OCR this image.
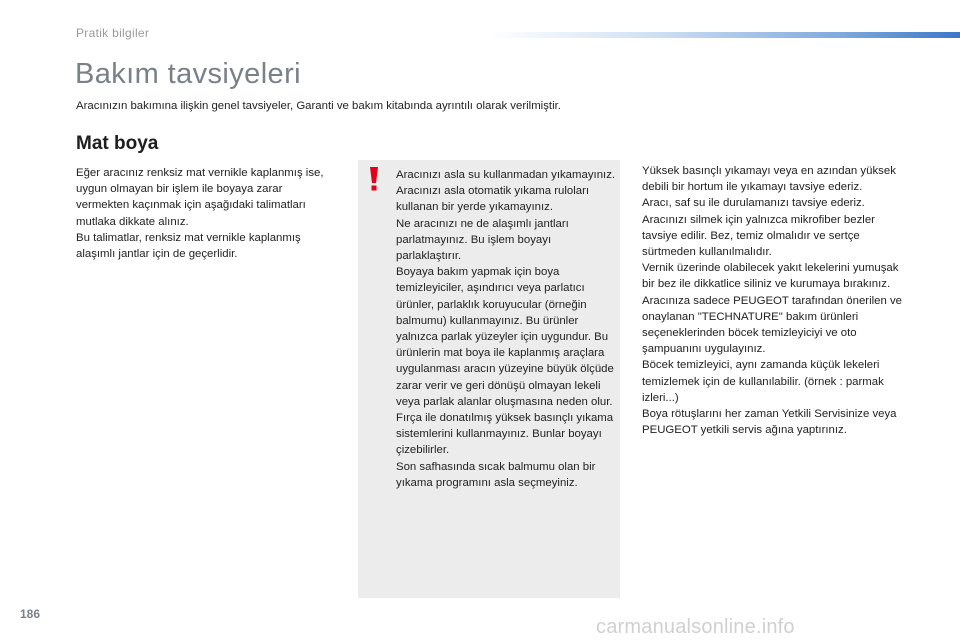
Pratik bilgiler
Bakım tavsiyeleri
Aracınızın bakımına ilişkin genel tavsiyeler, Garanti ve bakım kitabında ayrıntılı olarak verilmiştir.
Mat boya
Eğer aracınız renksiz mat vernikle kaplanmış ise, uygun olmayan bir işlem ile boyaya zarar vermekten kaçınmak için aşağıdaki talimatları mutlaka dikkate alınız.
Bu talimatlar, renksiz mat vernikle kaplanmış alaşımlı jantlar için de geçerlidir.
Aracınızı asla su kullanmadan yıkamayınız.
Aracınızı asla otomatik yıkama ruloları kullanan bir yerde yıkamayınız.
Ne aracınızı ne de alaşımlı jantları parlatmayınız. Bu işlem boyayı parlaklaştırır.
Boyaya bakım yapmak için boya temizleyiciler, aşındırıcı veya parlatıcı ürünler, parlaklık koruyucular (örneğin balmumu) kullanmayınız. Bu ürünler yalnızca parlak yüzeyler için uygundur. Bu ürünlerin mat boya ile kaplanmış araçlara uygulanması aracın yüzeyine büyük ölçüde zarar verir ve geri dönüşü olmayan lekeli veya parlak alanlar oluşmasına neden olur.
Fırça ile donatılmış yüksek basınçlı yıkama sistemlerini kullanmayınız. Bunlar boyayı çizebilirler.
Son safhasında sıcak balmumu olan bir yıkama programını asla seçmeyiniz.
Yüksek basınçlı yıkamayı veya en azından yüksek debili bir hortum ile yıkamayı tavsiye ederiz.
Aracı, saf su ile durulamanızı tavsiye ederiz.
Aracınızı silmek için yalnızca mikrofiber bezler tavsiye edilir. Bez, temiz olmalıdır ve sertçe sürtmeden kullanılmalıdır.
Vernik üzerinde olabilecek yakıt lekelerini yumuşak bir bez ile dikkatlice siliniz ve kurumaya bırakınız.
Aracınıza sadece PEUGEOT tarafından önerilen ve onaylanan "TECHNATURE" bakım ürünleri seçeneklerinden böcek temizleyiciyi ve oto şampuanını uygulayınız.
Böcek temizleyici, aynı zamanda küçük lekeleri temizlemek için de kullanılabilir. (örnek : parmak izleri...)
Boya rötuşlarını her zaman Yetkili Servisinize veya PEUGEOT yetkili servis ağına yaptırınız.
186
carmanualsonline.info
